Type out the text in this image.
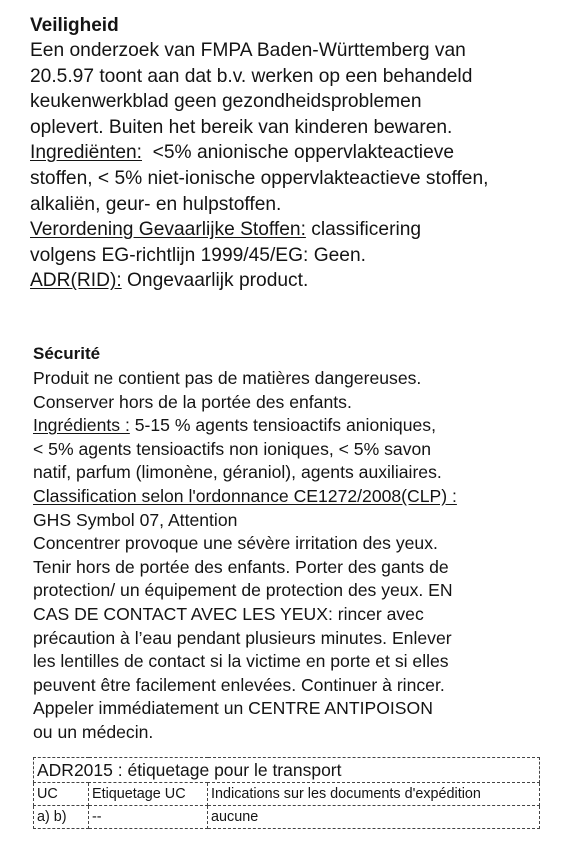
Veiligheid

Een onderzoek van FMPA Baden-Württemberg van
20.5.97 toont aan dat b.v. werken op een behandeld
keukenwerkblad geen gezondheidsproblemen
oplevert. Buiten het bereik van kinderen bewaren.
Ingrediënten:  <5% anionische oppervlakteactieve
stoffen, < 5% niet-ionische oppervlakteactieve stoffen,
alkaliën, geur- en hulpstoffen.
Verordening Gevaarlijke Stoffen: classificering
volgens EG-richtlijn 1999/45/EG: Geen.
ADR(RID): Ongevaarlijk product.

Sécurité

Produit ne contient pas de matières dangereuses.
Conserver hors de la portée des enfants.
Ingrédients : 5-15 % agents tensioactifs anioniques,
< 5% agents tensioactifs non ioniques, < 5% savon
natif, parfum (limonène, géraniol), agents auxiliaires.
Classification selon l'ordonnance CE1272/2008(CLP) :
GHS Symbol 07, Attention
Concentrer provoque une sévère irritation des yeux.
Tenir hors de portée des enfants. Porter des gants de
protection/ un équipement de protection des yeux. EN
CAS DE CONTACT AVEC LES YEUX: rincer avec
précaution à l’eau pendant plusieurs minutes. Enlever
les lentilles de contact si la victime en porte et si elles
peuvent être facilement enlevées. Continuer à rincer.
Appeler immédiatement un CENTRE ANTIPOISON
ou un médecin.
ADR2015 : étiquetage pour le transport		
UC	Etiquetage UC	Indications sur les documents d'expédition
a) b)	--	aucune
